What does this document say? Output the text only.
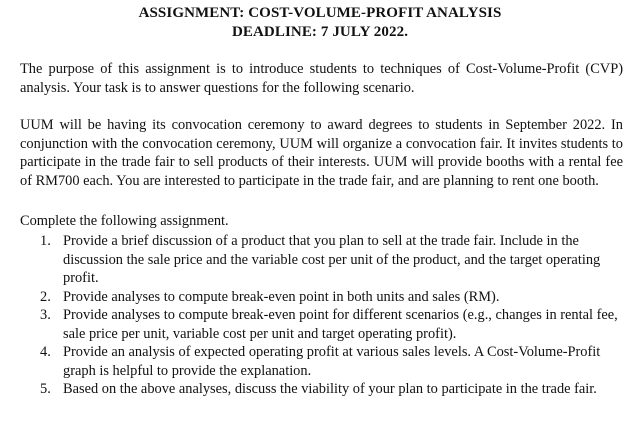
ASSIGNMENT: COST-VOLUME-PROFIT ANALYSIS
DEADLINE: 7 JULY 2022.
The purpose of this assignment is to introduce students to techniques of Cost-Volume-Profit (CVP) analysis. Your task is to answer questions for the following scenario.
UUM will be having its convocation ceremony to award degrees to students in September 2022. In conjunction with the convocation ceremony, UUM will organize a convocation fair. It invites students to participate in the trade fair to sell products of their interests. UUM will provide booths with a rental fee of RM700 each. You are interested to participate in the trade fair, and are planning to rent one booth.
Complete the following assignment.
1. Provide a brief discussion of a product that you plan to sell at the trade fair. Include in the discussion the sale price and the variable cost per unit of the product, and the target operating profit.
2. Provide analyses to compute break-even point in both units and sales (RM).
3. Provide analyses to compute break-even point for different scenarios (e.g., changes in rental fee, sale price per unit, variable cost per unit and target operating profit).
4. Provide an analysis of expected operating profit at various sales levels. A Cost-Volume-Profit graph is helpful to provide the explanation.
5. Based on the above analyses, discuss the viability of your plan to participate in the trade fair.
